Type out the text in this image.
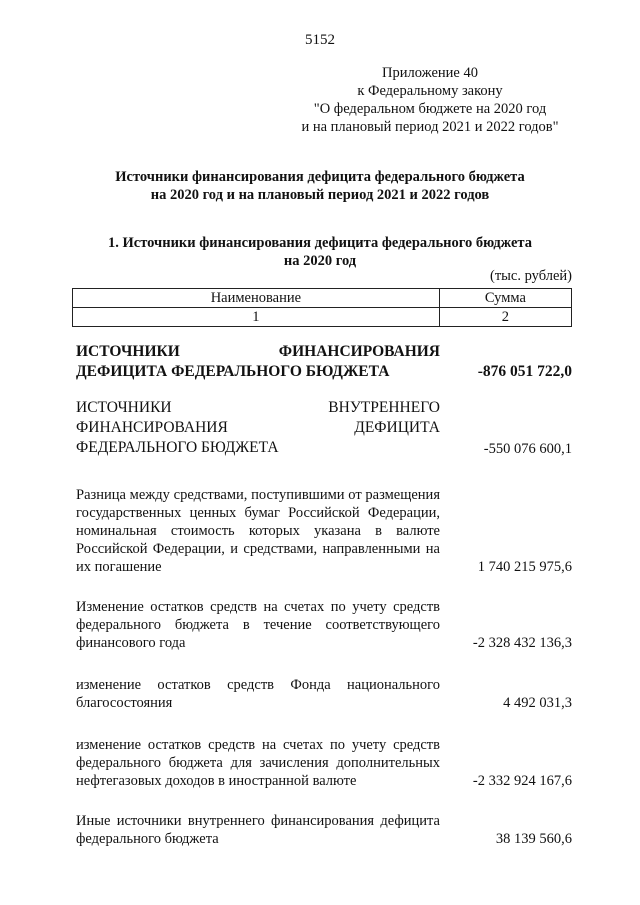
5152
Приложение 40
к Федеральному закону
"О федеральном бюджете на 2020 год
и на плановый период 2021 и 2022 годов"
Источники финансирования дефицита федерального бюджета
на 2020 год и на плановый период 2021 и 2022 годов
1. Источники финансирования дефицита федерального бюджета
на 2020 год
(тыс. рублей)
Наименование	Сумма
1	2
ИСТОЧНИКИ ФИНАНСИРОВАНИЯ ДЕФИЦИТА ФЕДЕРАЛЬНОГО БЮДЖЕТА	-876 051 722,0
ИСТОЧНИКИ ВНУТРЕННЕГО ФИНАНСИРОВАНИЯ ДЕФИЦИТА ФЕДЕРАЛЬНОГО БЮДЖЕТА	-550 076 600,1
Разница между средствами, поступившими от размещения государственных ценных бумаг Российской Федерации, номинальная стоимость которых указана в валюте Российской Федерации, и средствами, направленными на их погашение	1 740 215 975,6
Изменение остатков средств на счетах по учету средств федерального бюджета в течение соответствующего финансового года	-2 328 432 136,3
изменение остатков средств Фонда национального благосостояния	4 492 031,3
изменение остатков средств на счетах по учету средств федерального бюджета для зачисления дополнительных нефтегазовых доходов в иностранной валюте	-2 332 924 167,6
Иные источники внутреннего финансирования дефицита федерального бюджета	38 139 560,6
